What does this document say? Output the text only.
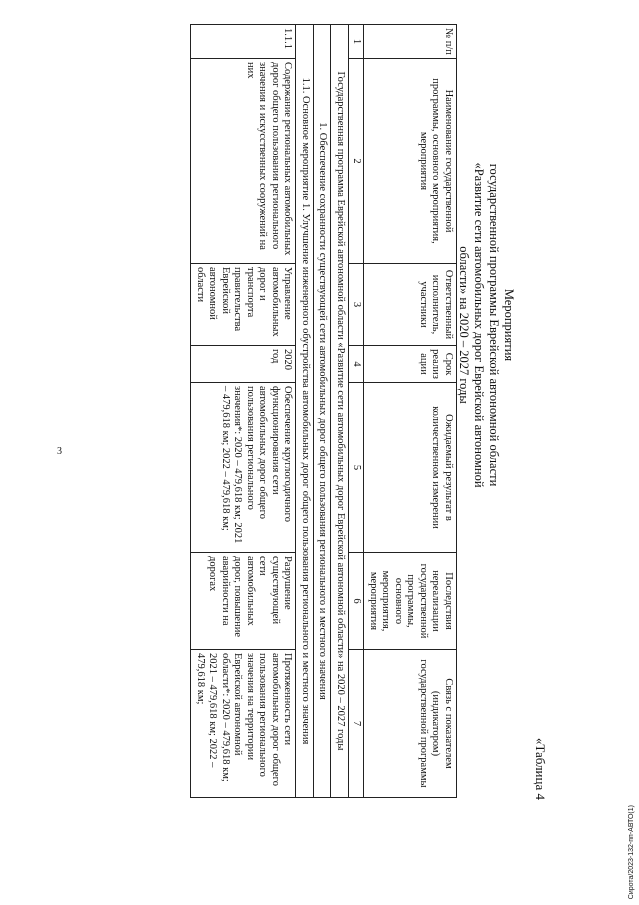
3
Сирота/2023-132-пп-АВТО(1)
«Таблица 4
Мероприятия
государственной программы Еврейской автономной области
«Развитие сети автомобильных дорог Еврейской автономной
области» на 2020 – 2027 годы
№ п/п	Наименование государственной программы, основного мероприятия, мероприятия	Ответственный исполнитель, участники	Срок реализации	Ожидаемый результат в количественном измерении	Последствия нереализации государственной программы, основного мероприятия, мероприятия	Связь с показателем (индикатором) государственной программы
1	2	3	4	5	6	7
Государственная программа Еврейской автономной области «Развитие сети автомобильных дорог Еврейской автономной области» на 2020 – 2027 годы						
1. Обеспечение сохранности существующей сети автомобильных дорог общего пользования регионального и местного значения						
1.1. Основное мероприятие 1. Улучшение инженерного обустройства автомобильных дорог общего пользования регионального и местного значения						
1.1.1	Содержание региональных автомобильных дорог общего пользования регионального значения и искусственных сооружений на них	Управление автомобильных дорог и транспорта правительства Еврейской автономной области	2020 год	Обеспечение круглогодичного функционирования сети автомобильных дорог общего пользования регионального значения*: 2020 – 479,618 км; 2021 – 479,618 км; 2022 – 479,618 км;	Разрушение существующей сети автомобильных дорог, повышение аварийности на дорогах	Протяженность сети автомобильных дорог общего пользования регионального значения на территории Еврейской автономной области*: 2020 – 479,618 км; 2021 – 479,618 км; 2022 – 479,618 км;
